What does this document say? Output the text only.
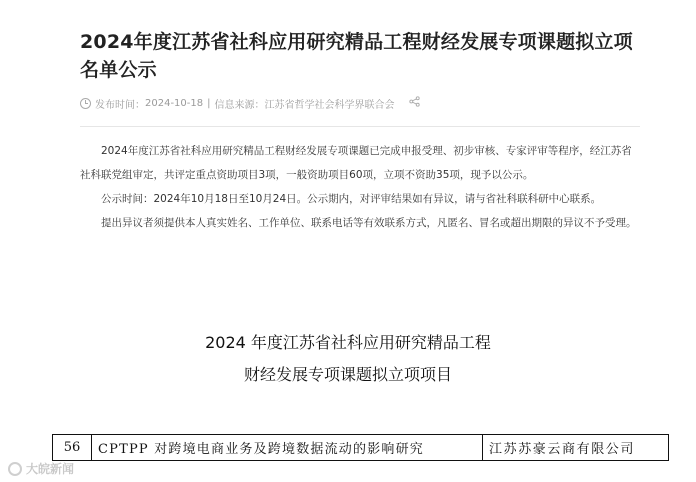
2024年度江苏省社科应用研究精品工程财经发展专项课题拟立项名单公示
发布时间： 2024-10-18 | 信息来源： 江苏省哲学社会科学界联合会

2024年度江苏省社科应用研究精品工程财经发展专项课题已完成申报受理、初步审核、专家评审等程序，经江苏省社科联党组审定，共评定重点资助项目3项，一般资助项目60项，立项不资助35项，现予以公示。

公示时间：2024年10月18日至10月24日。公示期内，对评审结果如有异议，请与省社科联科研中心联系。

提出异议者须提供本人真实姓名、工作单位、联系电话等有效联系方式，凡匿名、冒名或超出期限的异议不予受理。

2024 年度江苏省社科应用研究精品工程
财经发展专项课题拟立项项目
56	CPTPP 对跨境电商业务及跨境数据流动的影响研究	江苏苏豪云商有限公司
大皖新闻
